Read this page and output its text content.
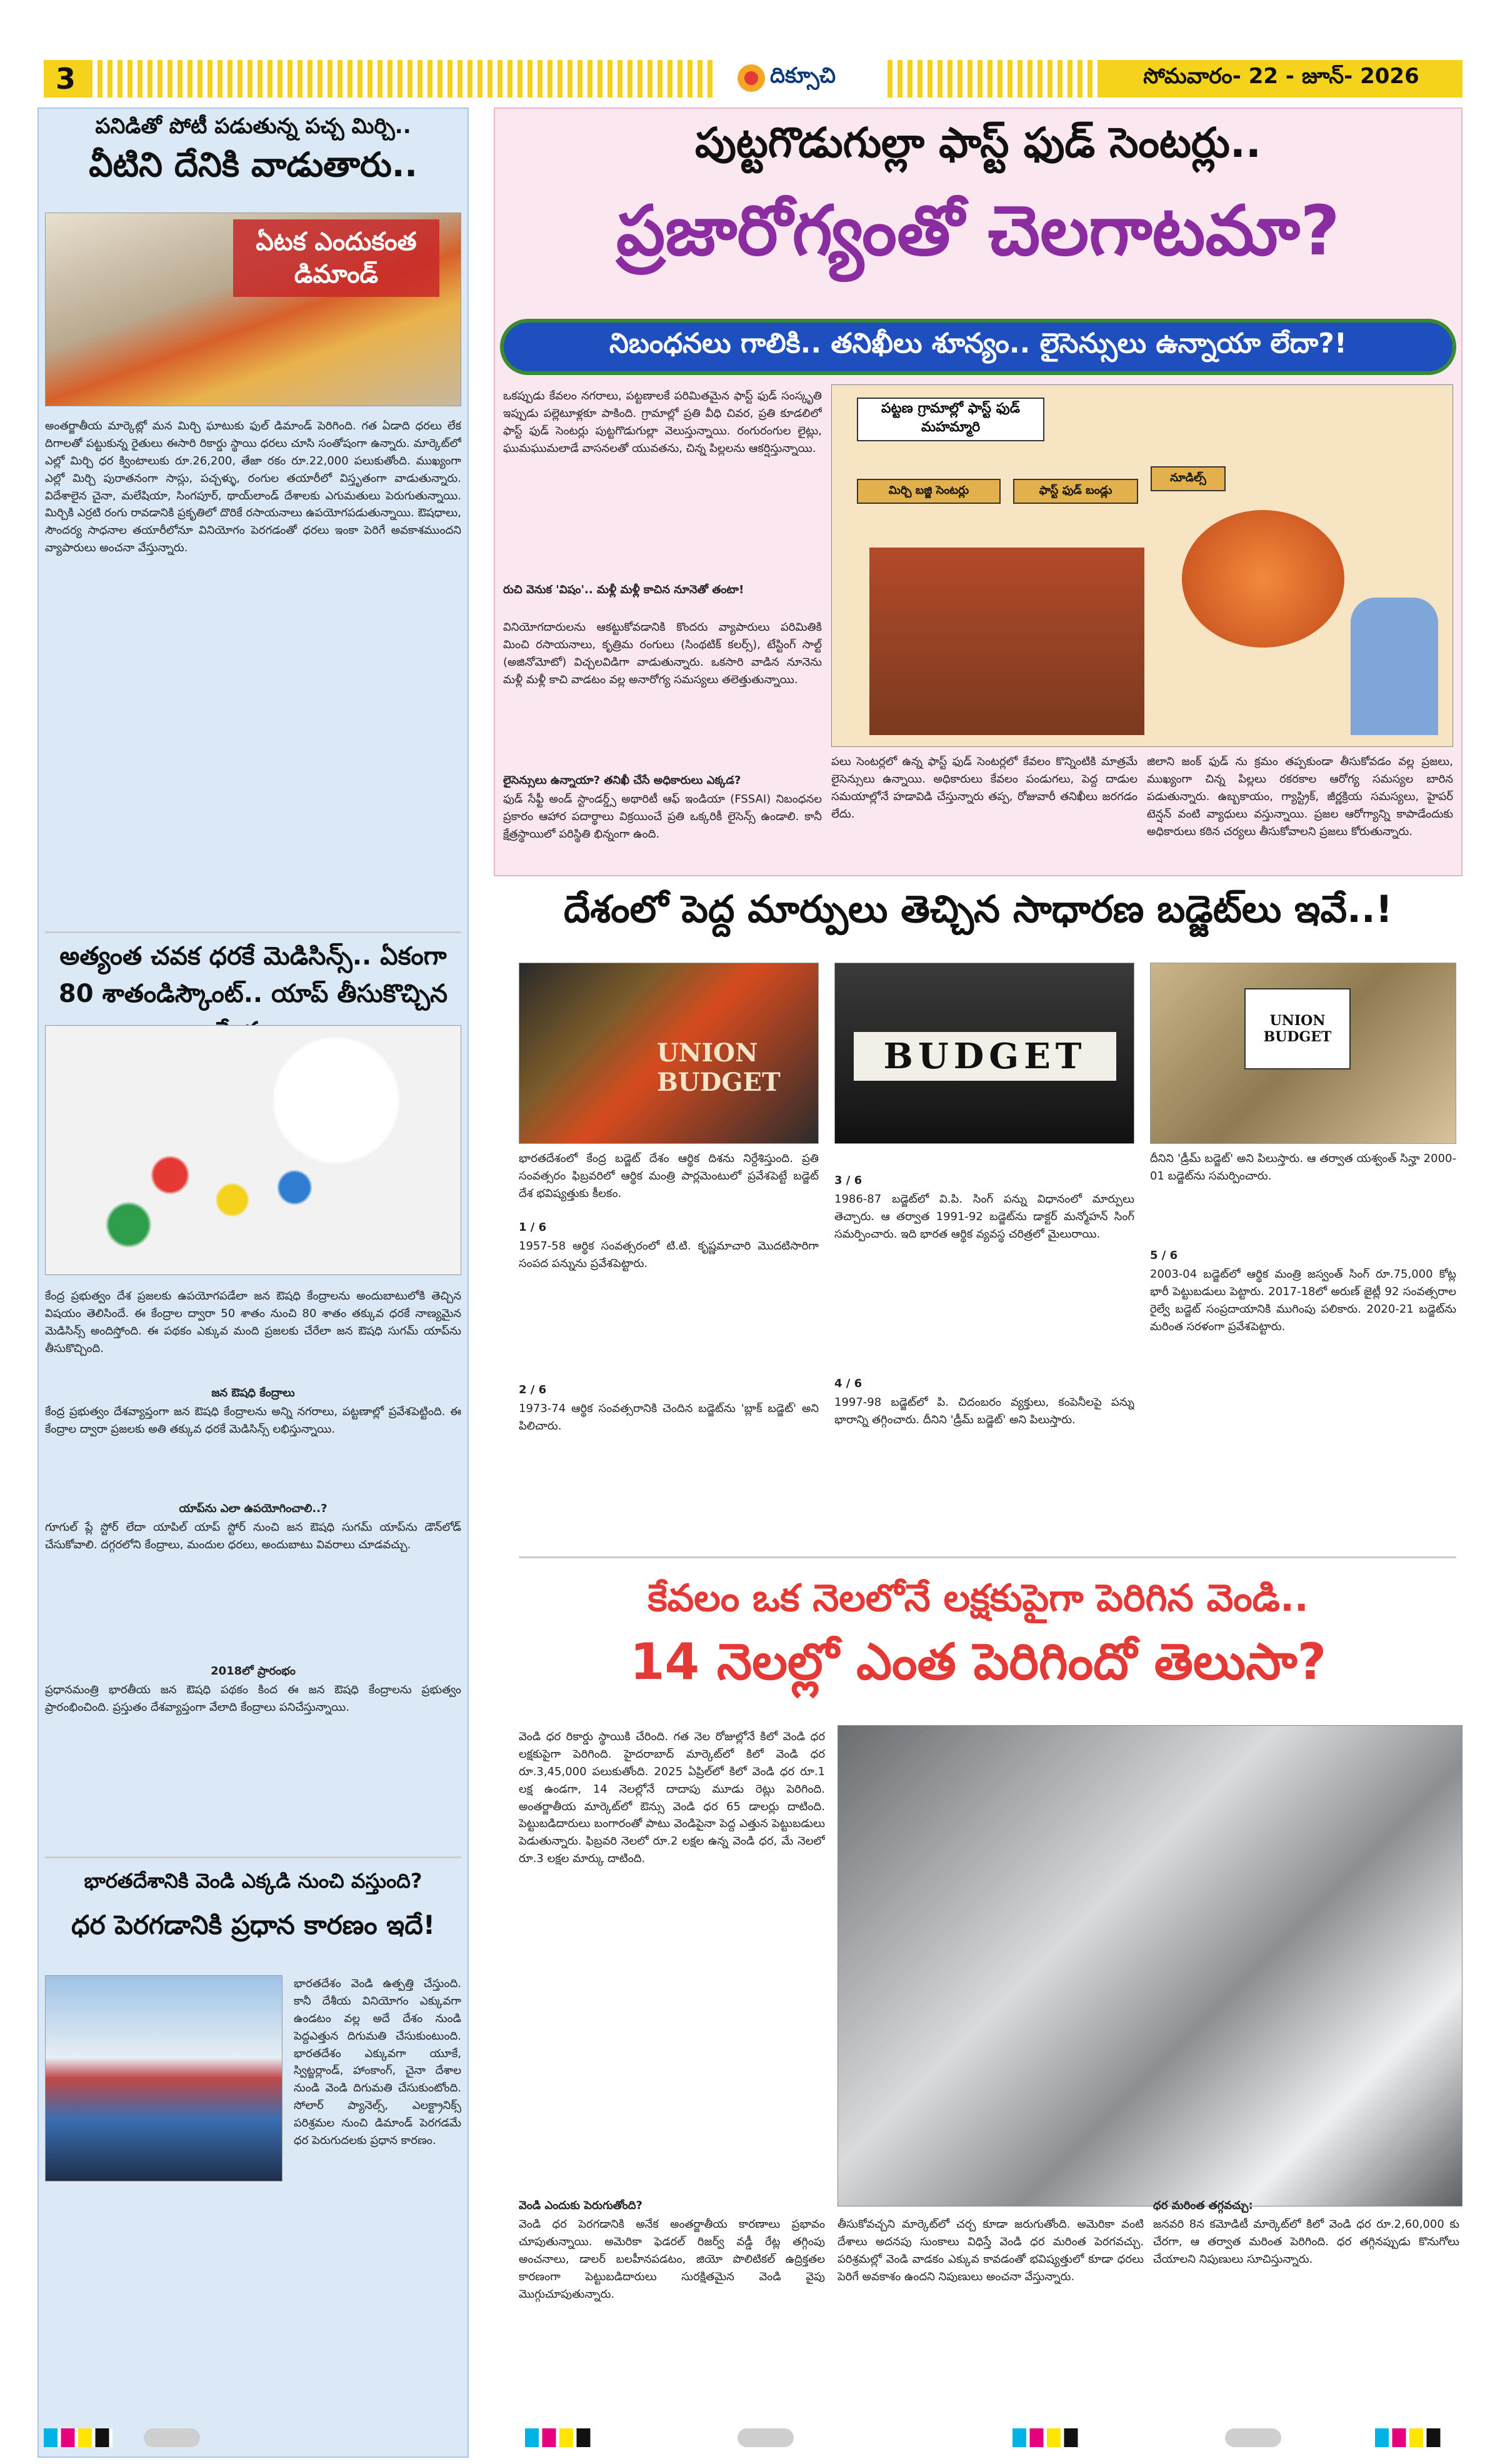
3	దిక్సూచి	సోమవారం- 22 - జూన్- 2026
పనిడితో పోటీ పడుతున్న పచ్చ మిర్చి..
వీటిని దేనికి వాడుతారు..
ఏటక ఎందుకంత డిమాండ్
అంతర్జాతీయ మార్కెట్లో మన మిర్చి ఘాటుకు ఫుల్ డిమాండ్ పెరిగింది. గత ఏడాది ధరలు లేక దిగాలతో పట్టుకున్న రైతులు ఈసారి రికార్డు స్థాయి ధరలు చూసి సంతోషంగా ఉన్నారు. మార్కెట్‌లో ఎల్లో మిర్చి ధర క్వింటాలుకు రూ.26,200, తేజా రకం రూ.22,000 పలుకుతోంది. ముఖ్యంగా ఎల్లో మిర్చి పురాతనంగా సాస్లు, పచ్చళ్ళు, రంగుల తయారీలో విస్తృతంగా వాడుతున్నారు. విదేశాలైన చైనా, మలేషియా, సింగపూర్, థాయ్‌లాండ్ దేశాలకు ఎగుమతులు పెరుగుతున్నాయి. మిర్చికి ఎర్రటి రంగు రావడానికి ప్రకృతిలో దొరికే రసాయనాలు ఉపయోగపడుతున్నాయి. ఔషధాలు, సౌందర్య సాధనాల తయారీలోనూ వినియోగం పెరగడంతో ధరలు ఇంకా పెరిగే అవకాశముందని వ్యాపారులు అంచనా వేస్తున్నారు.
అత్యంత చవక ధరకే మెడిసిన్స్.. ఏకంగా 80 శాతండిస్కౌంట్.. యాప్ తీసుకొచ్చిన
కేంద్ర ప్రభుత్వం దేశ ప్రజలకు ఉపయోగపడేలా జన ఔషధి కేంద్రాలను అందుబాటులోకి తెచ్చిన విషయం తెలిసిందే. ఈ కేంద్రాల ద్వారా 50 శాతం నుంచి 80 శాతం తక్కువ ధరకే నాణ్యమైన మెడిసిన్స్ అందిస్తోంది. ఈ పథకం ఎక్కువ మంది ప్రజలకు చేరేలా జన ఔషధి సుగమ్ యాప్‌ను తీసుకొచ్చింది.
జన ఔషధి కేంద్రాలు
కేంద్ర ప్రభుత్వం దేశవ్యాప్తంగా జన ఔషధి కేంద్రాలను అన్ని నగరాలు, పట్టణాల్లో ప్రవేశపెట్టింది. ఈ కేంద్రాల ద్వారా ప్రజలకు అతి తక్కువ ధరకే మెడిసిన్స్ లభిస్తున్నాయి.
యాప్‌ను ఎలా ఉపయోగించాలి..?
గూగుల్ ప్లే స్టోర్ లేదా యాపిల్ యాప్ స్టోర్ నుంచి జన ఔషధి సుగమ్ యాప్‌ను డౌన్‌లోడ్ చేసుకోవాలి. దగ్గరలోని కేంద్రాలు, మందుల ధరలు, అందుబాటు వివరాలు చూడవచ్చు.
2018లో ప్రారంభం
ప్రధానమంత్రి భారతీయ జన ఔషధి పథకం కింద ఈ జన ఔషధి కేంద్రాలను ప్రభుత్వం ప్రారంభించింది. ప్రస్తుతం దేశవ్యాప్తంగా వేలాది కేంద్రాలు పనిచేస్తున్నాయి.
భారతదేశానికి వెండి ఎక్కడి నుంచి వస్తుంది?
ధర పెరగడానికి ప్రధాన కారణం ఇదే!
భారతదేశం వెండి ఉత్పత్తి చేస్తుంది. కానీ దేశీయ వినియోగం ఎక్కువగా ఉండటం వల్ల అదే దేశం నుండి పెద్దఎత్తున దిగుమతి చేసుకుంటుంది. భారతదేశం ఎక్కువగా యూకే, స్విట్జర్లాండ్, హాంకాంగ్, చైనా దేశాల నుండి వెండి దిగుమతి చేసుకుంటోంది. సోలార్ ప్యానెల్స్, ఎలక్ట్రానిక్స్ పరిశ్రమల నుంచి డిమాండ్ పెరగడమే ధర పెరుగుదలకు ప్రధాన కారణం.
పుట్టగొడుగుల్లా ఫాస్ట్ ఫుడ్ సెంటర్లు..
ప్రజారోగ్యంతో చెలగాటమా?
నిబంధనలు గాలికి.. తనిఖీలు శూన్యం.. లైసెన్సులు ఉన్నాయా లేదా?!
ఒకప్పుడు కేవలం నగరాలు, పట్టణాలకే పరిమితమైన ఫాస్ట్ ఫుడ్ సంస్కృతి ఇప్పుడు పల్లెటూళ్లకూ పాకింది. గ్రామాల్లో ప్రతి వీధి చివర, ప్రతి కూడలిలో ఫాస్ట్ ఫుడ్ సెంటర్లు పుట్టగొడుగుల్లా వెలుస్తున్నాయి. రంగురంగుల లైట్లు, ఘుమఘుమలాడే వాసనలతో యువతను, చిన్న పిల్లలను ఆకర్షిస్తున్నాయి.
రుచి వెనుక 'విషం'.. మళ్లీ మళ్లీ కాచిన నూనెతో తంటా!
వినియోగదారులను ఆకట్టుకోవడానికి కొందరు వ్యాపారులు పరిమితికి మించి రసాయనాలు, కృత్రిమ రంగులు (సింథటిక్ కలర్స్), టేస్టింగ్ సాల్ట్ (అజినోమోటో) విచ్చలవిడిగా వాడుతున్నారు. ఒకసారి వాడిన నూనెను మళ్లీ మళ్లీ కాచి వాడటం వల్ల అనారోగ్య సమస్యలు తలెత్తుతున్నాయి.
లైసెన్సులు ఉన్నాయా? తనిఖీ చేసే అధికారులు ఎక్కడ?
ఫుడ్ సేఫ్టీ అండ్ స్టాండర్డ్స్ అథారిటీ ఆఫ్ ఇండియా (FSSAI) నిబంధనల ప్రకారం ఆహార పదార్థాలు విక్రయించే ప్రతి ఒక్కరికీ లైసెన్స్ ఉండాలి. కానీ క్షేత్రస్థాయిలో పరిస్థితి భిన్నంగా ఉంది.
పట్టణ గ్రామాల్లో ఫాస్ట్ ఫుడ్ మహమ్మారి
మిర్చి బజ్జి సెంటర్లు	ఫాస్ట్ ఫుడ్ బండ్లు
నూడిల్స్
పలు సెంటర్లలో ఉన్న ఫాస్ట్ ఫుడ్ సెంటర్లలో కేవలం కొన్నింటికి మాత్రమే లైసెన్సులు ఉన్నాయి. అధికారులు కేవలం పండుగలు, పెద్ద దాడుల సమయాల్లోనే హడావిడి చేస్తున్నారు తప్ప, రోజువారీ తనిఖీలు జరగడం లేదు.
జిలాని జంక్ ఫుడ్ ను క్రమం తప్పకుండా తీసుకోవడం వల్ల ప్రజలు, ముఖ్యంగా చిన్న పిల్లలు రకరకాల ఆరోగ్య సమస్యల బారిన పడుతున్నారు. ఉబ్బకాయం, గ్యాస్ట్రిక్, జీర్ణక్రియ సమస్యలు, హైపర్ టెన్షన్ వంటి వ్యాధులు వస్తున్నాయి. ప్రజల ఆరోగ్యాన్ని కాపాడేందుకు అధికారులు కఠిన చర్యలు తీసుకోవాలని ప్రజలు కోరుతున్నారు.
దేశంలో పెద్ద మార్పులు తెచ్చిన సాధారణ బడ్జెట్‌లు ఇవే..!
UNION BUDGET
BUDGET
UNION BUDGET
భారతదేశంలో కేంద్ర బడ్జెట్ దేశం ఆర్థిక దిశను నిర్దేశిస్తుంది. ప్రతి సంవత్సరం ఫిబ్రవరిలో ఆర్థిక మంత్రి పార్లమెంటులో ప్రవేశపెట్టే బడ్జెట్ దేశ భవిష్యత్తుకు కీలకం.
1 / 6
1957-58 ఆర్థిక సంవత్సరంలో టి.టి. కృష్ణమాచారి మొదటిసారిగా సంపద పన్నును ప్రవేశపెట్టారు.
2 / 6
1973-74 ఆర్థిక సంవత్సరానికి చెందిన బడ్జెట్‌ను 'బ్లాక్ బడ్జెట్' అని పిలిచారు.
3 / 6
1986-87 బడ్జెట్‌లో వి.పి. సింగ్ పన్ను విధానంలో మార్పులు తెచ్చారు. ఆ తర్వాత 1991-92 బడ్జెట్‌ను డాక్టర్ మన్మోహన్ సింగ్ సమర్పించారు. ఇది భారత ఆర్థిక వ్యవస్థ చరిత్రలో మైలురాయి.
4 / 6
1997-98 బడ్జెట్‌లో పి. చిదంబరం వ్యక్తులు, కంపెనీలపై పన్ను భారాన్ని తగ్గించారు. దీనిని 'డ్రీమ్ బడ్జెట్' అని పిలుస్తారు.
దీనిని 'డ్రీమ్ బడ్జెట్' అని పిలుస్తారు. ఆ తర్వాత యశ్వంత్ సిన్హా 2000-01 బడ్జెట్‌ను సమర్పించారు.
5 / 6
2003-04 బడ్జెట్‌లో ఆర్థిక మంత్రి జస్వంత్ సింగ్ రూ.75,000 కోట్ల భారీ పెట్టుబడులు పెట్టారు. 2017-18లో అరుణ్ జైట్లీ 92 సంవత్సరాల రైల్వే బడ్జెట్ సంప్రదాయానికి ముగింపు పలికారు. 2020-21 బడ్జెట్‌ను మరింత సరళంగా ప్రవేశపెట్టారు.
కేవలం ఒక నెలలోనే లక్షకుపైగా పెరిగిన వెండి..
14 నెలల్లో ఎంత పెరిగిందో తెలుసా?
వెండి ధర రికార్డు స్థాయికి చేరింది. గత నెల రోజుల్లోనే కిలో వెండి ధర లక్షకుపైగా పెరిగింది. హైదరాబాద్ మార్కెట్‌లో కిలో వెండి ధర రూ.3,45,000 పలుకుతోంది. 2025 ఏప్రిల్‌లో కిలో వెండి ధర రూ.1 లక్ష ఉండగా, 14 నెలల్లోనే దాదాపు మూడు రెట్లు పెరిగింది. అంతర్జాతీయ మార్కెట్‌లో ఔన్సు వెండి ధర 65 డాలర్లు దాటింది. పెట్టుబడిదారులు బంగారంతో పాటు వెండిపైనా పెద్ద ఎత్తున పెట్టుబడులు పెడుతున్నారు. ఫిబ్రవరి నెలలో రూ.2 లక్షల ఉన్న వెండి ధర, మే నెలలో రూ.3 లక్షల మార్కు దాటింది.
వెండి ఎందుకు పెరుగుతోంది?
వెండి ధర పెరగడానికి అనేక అంతర్జాతీయ కారణాలు ప్రభావం చూపుతున్నాయి. అమెరికా ఫెడరల్ రిజర్వ్ వడ్డీ రేట్ల తగ్గింపు అంచనాలు, డాలర్ బలహీనపడటం, జియో పొలిటికల్ ఉద్రిక్తతల కారణంగా పెట్టుబడిదారులు సురక్షితమైన వెండి వైపు మొగ్గుచూపుతున్నారు.
తీసుకోవచ్చని మార్కెట్‌లో చర్చ కూడా జరుగుతోంది. అమెరికా వంటి దేశాలు అదనపు సుంకాలు విధిస్తే వెండి ధర మరింత పెరగవచ్చు. పరిశ్రమల్లో వెండి వాడకం ఎక్కువ కావడంతో భవిష్యత్తులో కూడా ధరలు పెరిగే అవకాశం ఉందని నిపుణులు అంచనా వేస్తున్నారు.
ధర మరింత తగ్గవచ్చు:
జనవరి 8న కమోడిటీ మార్కెట్‌లో కిలో వెండి ధర రూ.2,60,000 కు చేరగా, ఆ తర్వాత మరింత పెరిగింది. ధర తగ్గినప్పుడు కొనుగోలు చేయాలని నిపుణులు సూచిస్తున్నారు.
